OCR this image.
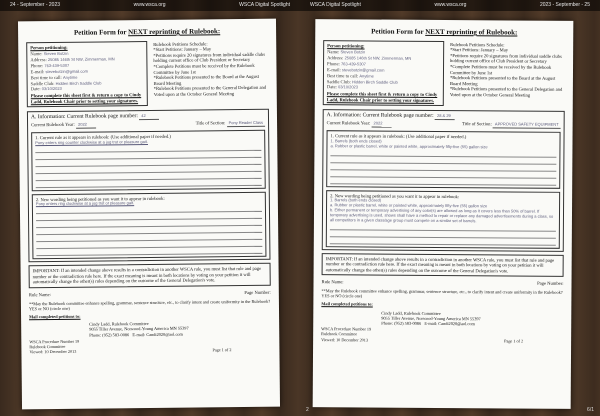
24 - September - 2023	www.wsca.org	WSCA Digital Spotlight
Petition Form for NEXT reprinting of Rulebook:
Person petitioning:
Name: Steven Botzin
Address: 25085 146th St NW, Zimmerman, MN
Phone: 763-439-5307
E-mail: stevebotzin@gmail.com
Best time to call: Anytime
Saddle Club: Hidden Birch Saddle Club
Date: 03/10/2023
Please complete this sheet first & return a copy to Cindy Ladd, Rulebook Chair prior to setting your signatures.
Rulebook Petitions Schedule:
*Start Petitions: January – May
*Petitions require 20 signatures from individual saddle clubs holding current office of Club President or Secretary
*Complete Petitions must be received by the Rulebook Committee by June 1st
*Rulebook Petitions presented to the Board at the August Board Meeting
*Rulebook Petitions presented to the General Delegation and Voted upon at the October General Meeting
A. Information: Current Rulebook page number: 42
Current Rulebook Year: 2022	Title of Section: Pony Reader Class
1. Current rule as it appears in rulebook: (Use additional paper if needed.)
Pony enters ring counter clockwise at a jog trot or pleasure gait.
2. New wording being petitioned as you want it to appear in rulebook:
Pony enters ring clockwise at a jog trot or pleasure gait.
IMPORTANT: If an intended change above results in a contradiction in another WSCA rule, you must list that rule and page number or the contradiction rule here. If the exact meaning is meant in both locations by voting on your petition it will automatically change the other(s) rules depending on the outcome of the General Delegation's vote.
Rule Name:	Page Number:
**May the Rulebook committee enhance spelling, grammar, sentence structure, etc., to clarify intent and create uniformity in the Rulebook? YES or NO (circle one)
Mail completed petitions to:
Cindy Ladd, Rulebook Committee
9055 Tiller Avenue, Norwood-Young America MN 55397
Phone: (952) 583-0086 E-mail: Candi2020@aol.com
WSCA Procedure Number 19
Rulebook Committee
Viewed: 10 December 2013	Page 1 of 2
WSCA Digital Spotlight	www.wsca.org	2023 - September - 25
Petition Form for NEXT reprinting of Rulebook:
Person petitioning:
Name: Steven Botzin
Address: 25085 146th St NW, Zimmerman, MN
Phone: 763-439-5307
E-mail: stevebotzin@gmail.com
Best time to call: Anytime
Saddle Club: Hidden Birch Saddle Club
Date: 03/10/2023
Please complete this sheet first & return a copy to Cindy Ladd, Rulebook Chair prior to setting your signatures.
Rulebook Petitions Schedule:
*Start Petitions: January – May
*Petitions require 20 signatures from individual saddle clubs holding current office of Club President or Secretary
*Complete Petitions must be received by the Rulebook Committee by June 1st
*Rulebook Petitions presented to the Board at the August Board Meeting
*Rulebook Petitions presented to the General Delegation and Voted upon at the October General Meeting
A. Information: Current Rulebook page number: 28 & 29
Current Rulebook Year: 2022	Title of Section: APPROVED SAFETY EQUIPMENT
1. Current rule as it appears in rulebook: (Use additional paper if needed.)
1. Barrels (both ends closed)
a. Rubber or plastic barrel, white or painted white, approximately fifty-five (55) gallon size
2. New wording being petitioned as you want it to appear in rulebook:
1. Barrels (both ends closed)
a. Rubber or plastic barrel, white or painted white, approximately fifty-five (55) gallon size
b. Either permanent or temporary advertising of any color(s) are allowed as long as it covers less than 50% of barrel. If temporary advertising is used, shows shall have a method to repair or replace any damaged advertisements during a class, so all competitors in a given class/age group must compete on a similar set of barrels.
IMPORTANT: If an intended change above results in a contradiction in another WSCA rule, you must list that rule and page number or the contradiction rule here. If the exact meaning is meant in both locations by voting on your petition it will automatically change the other(s) rules depending on the outcome of the General Delegation's vote.
Rule Name:	Page Number:
**May the Rulebook committee enhance spelling, grammar, sentence structure, etc., to clarify intent and create uniformity in the Rulebook? YES or NO (circle one)
Mail completed petitions to:
Cindy Ladd, Rulebook Committee
9055 Tiller Avenue, Norwood-Young America MN 55397
Phone: (952) 583-0086 E-mail: Candi2020@aol.com
WSCA Procedure Number 19
Rulebook Committee
Viewed: 10 December 2013	Page 1 of 2
2	6/1
